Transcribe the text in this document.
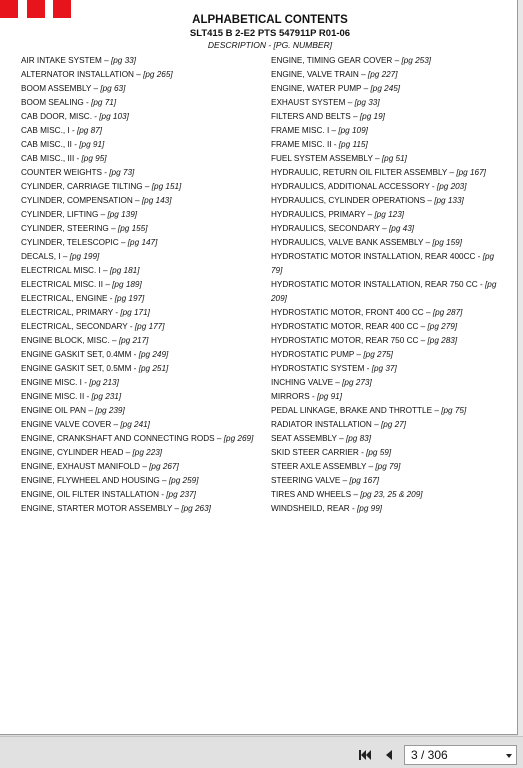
ALPHABETICAL CONTENTS
SLT415 B 2-E2 PTS 547911P R01-06
DESCRIPTION - [PG. NUMBER]
AIR INTAKE SYSTEM – [pg 33]
ALTERNATOR INSTALLATION – [pg 265]
BOOM ASSEMBLY – [pg 63]
BOOM SEALING - [pg 71]
CAB DOOR, MISC. - [pg 103]
CAB MISC., I - [pg 87]
CAB MISC., II - [pg 91]
CAB MISC., III - [pg 95]
COUNTER WEIGHTS - [pg 73]
CYLINDER, CARRIAGE TILTING – [pg 151]
CYLINDER, COMPENSATION – [pg 143]
CYLINDER, LIFTING – [pg 139]
CYLINDER, STEERING – [pg 155]
CYLINDER, TELESCOPIC – [pg 147]
DECALS, I – [pg 199]
ELECTRICAL MISC. I – [pg 181]
ELECTRICAL MISC. II – [pg 189]
ELECTRICAL, ENGINE - [pg 197]
ELECTRICAL, PRIMARY - [pg 171]
ELECTRICAL, SECONDARY - [pg 177]
ENGINE BLOCK, MISC. – [pg 217]
ENGINE GASKIT SET, 0.4MM - [pg 249]
ENGINE GASKIT SET, 0.5MM - [pg 251]
ENGINE MISC. I - [pg 213]
ENGINE MISC. II - [pg 231]
ENGINE OIL PAN – [pg 239]
ENGINE VALVE COVER – [pg 241]
ENGINE, CRANKSHAFT AND CONNECTING RODS – [pg 269]
ENGINE, CYLINDER HEAD – [pg 223]
ENGINE, EXHAUST MANIFOLD – [pg 267]
ENGINE, FLYWHEEL AND HOUSING – [pg 259]
ENGINE, OIL FILTER INSTALLATION - [pg 237]
ENGINE, STARTER MOTOR ASSEMBLY – [pg 263]
ENGINE, TIMING GEAR COVER – [pg 253]
ENGINE, VALVE TRAIN – [pg 227]
ENGINE, WATER PUMP – [pg 245]
EXHAUST SYSTEM – [pg 33]
FILTERS AND BELTS – [pg 19]
FRAME MISC. I – [pg 109]
FRAME MISC. II - [pg 115]
FUEL SYSTEM ASSEMBLY – [pg 51]
HYDRAULIC, RETURN OIL FILTER ASSEMBLY – [pg 167]
HYDRAULICS, ADDITIONAL ACCESSORY - [pg 203]
HYDRAULICS, CYLINDER OPERATIONS – [pg 133]
HYDRAULICS, PRIMARY – [pg 123]
HYDRAULICS, SECONDARY – [pg 43]
HYDRAULICS, VALVE BANK ASSEMBLY – [pg 159]
HYDROSTATIC MOTOR INSTALLATION, REAR 400CC - [pg 79]
HYDROSTATIC MOTOR INSTALLATION, REAR 750 CC - [pg 209]
HYDROSTATIC MOTOR, FRONT 400 CC – [pg 287]
HYDROSTATIC MOTOR, REAR 400 CC – [pg 279]
HYDROSTATIC MOTOR, REAR 750 CC – [pg 283]
HYDROSTATIC PUMP – [pg 275]
HYDROSTATIC SYSTEM - [pg 37]
INCHING VALVE – [pg 273]
MIRRORS - [pg 91]
PEDAL LINKAGE, BRAKE AND THROTTLE – [pg 75]
RADIATOR INSTALLATION – [pg 27]
SEAT ASSEMBLY – [pg 83]
SKID STEER CARRIER - [pg 59]
STEER AXLE ASSEMBLY – [pg 79]
STEERING VALVE – [pg 167]
TIRES AND WHEELS – [pg 23, 25 & 209]
WINDSHEILD, REAR - [pg 99]
3 / 306
